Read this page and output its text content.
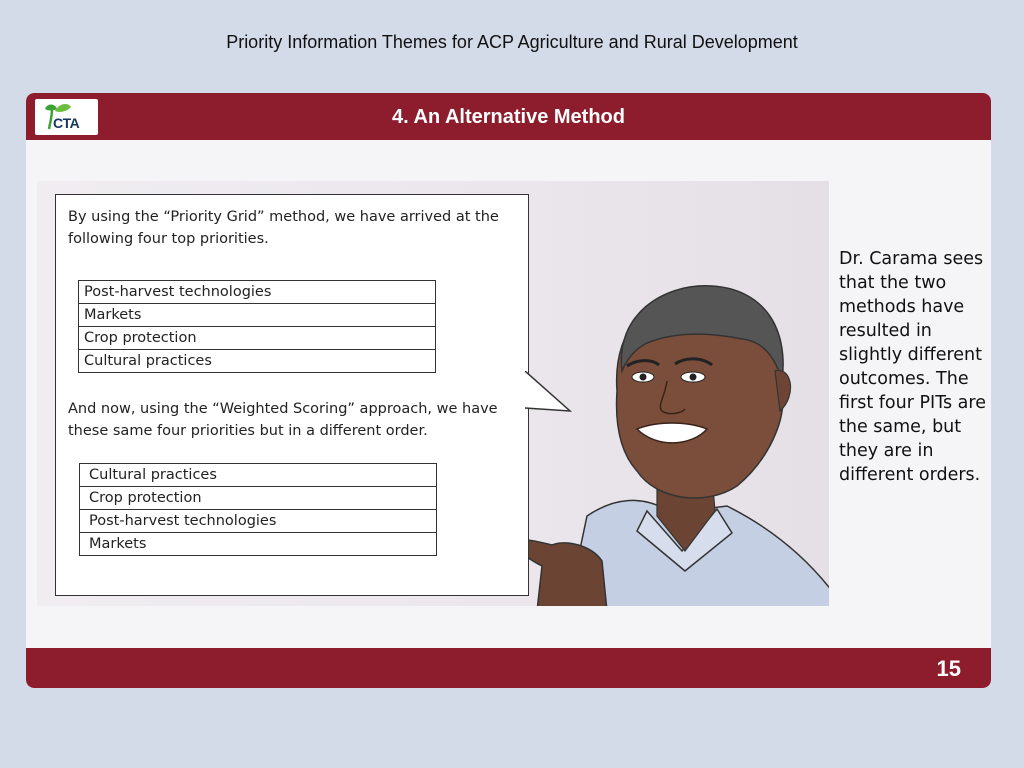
Priority Information Themes for ACP Agriculture and Rural Development
CTA	4. An Alternative Method

By using the “Priority Grid” method, we have arrived at the following four top priorities.

Post-harvest technologies
Markets
Crop protection
Cultural practices

And now, using the “Weighted Scoring” approach, we have these same four priorities but in a different order.

Cultural practices
Crop protection
Post-harvest technologies
Markets
Dr. Carama sees that the two methods have resulted in slightly different outcomes. The first four PITs are the same, but they are in different orders.
15
